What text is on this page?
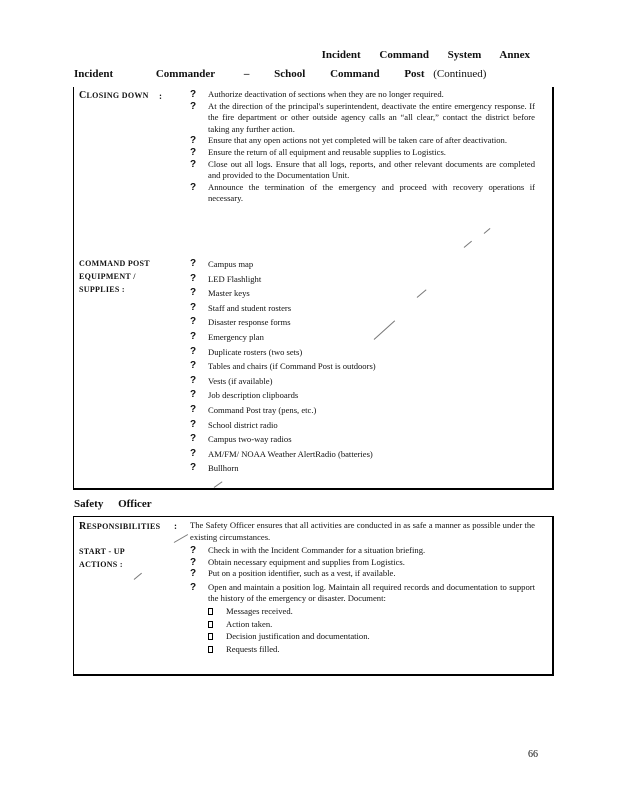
Incident Command System Annex
Incident Commander	– School Command Post (Continued)
CLOSING DOWN :	? Authorize deactivation of sections when they are no longer required.
? At the direction of the principal's superintendent, deactivate the entire emergency response. If the fire department or other outside agency calls an “all clear,” contact the district before taking any further action.
? Ensure that any open actions not yet completed will be taken care of after deactivation.
? Ensure the return of all equipment and reusable supplies to Logistics.
? Close out all logs. Ensure that all logs, reports, and other relevant documents are completed and provided to the Documentation Unit.
? Announce the termination of the emergency and proceed with recovery operations if necessary.
COMMAND POST
EQUIPMENT /
SUPPLIES :
? Campus map
? LED Flashlight
? Master keys
? Staff and student rosters
? Disaster response forms
? Emergency plan
? Duplicate rosters (two sets)
? Tables and chairs (if Command Post is outdoors)
? Vests (if available)
? Job description clipboards
? Command Post tray (pens, etc.)
? School district radio
? Campus two-way radios
? AM/FM/ NOAA Weather AlertRadio (batteries)
? Bullhorn
Safety Officer
RESPONSIBILITIES : The Safety Officer ensures that all activities are conducted in as safe a manner as possible under the existing circumstances.
START - UP
ACTIONS :
? Check in with the Incident Commander for a situation briefing.
? Obtain necessary equipment and supplies from Logistics.
? Put on a position identifier, such as a vest, if available.
? Open and maintain a position log. Maintain all required records and documentation to support the history of the emergency or disaster. Document:
Messages received.
Action taken.
Decision justification and documentation.
Requests filled.
66
